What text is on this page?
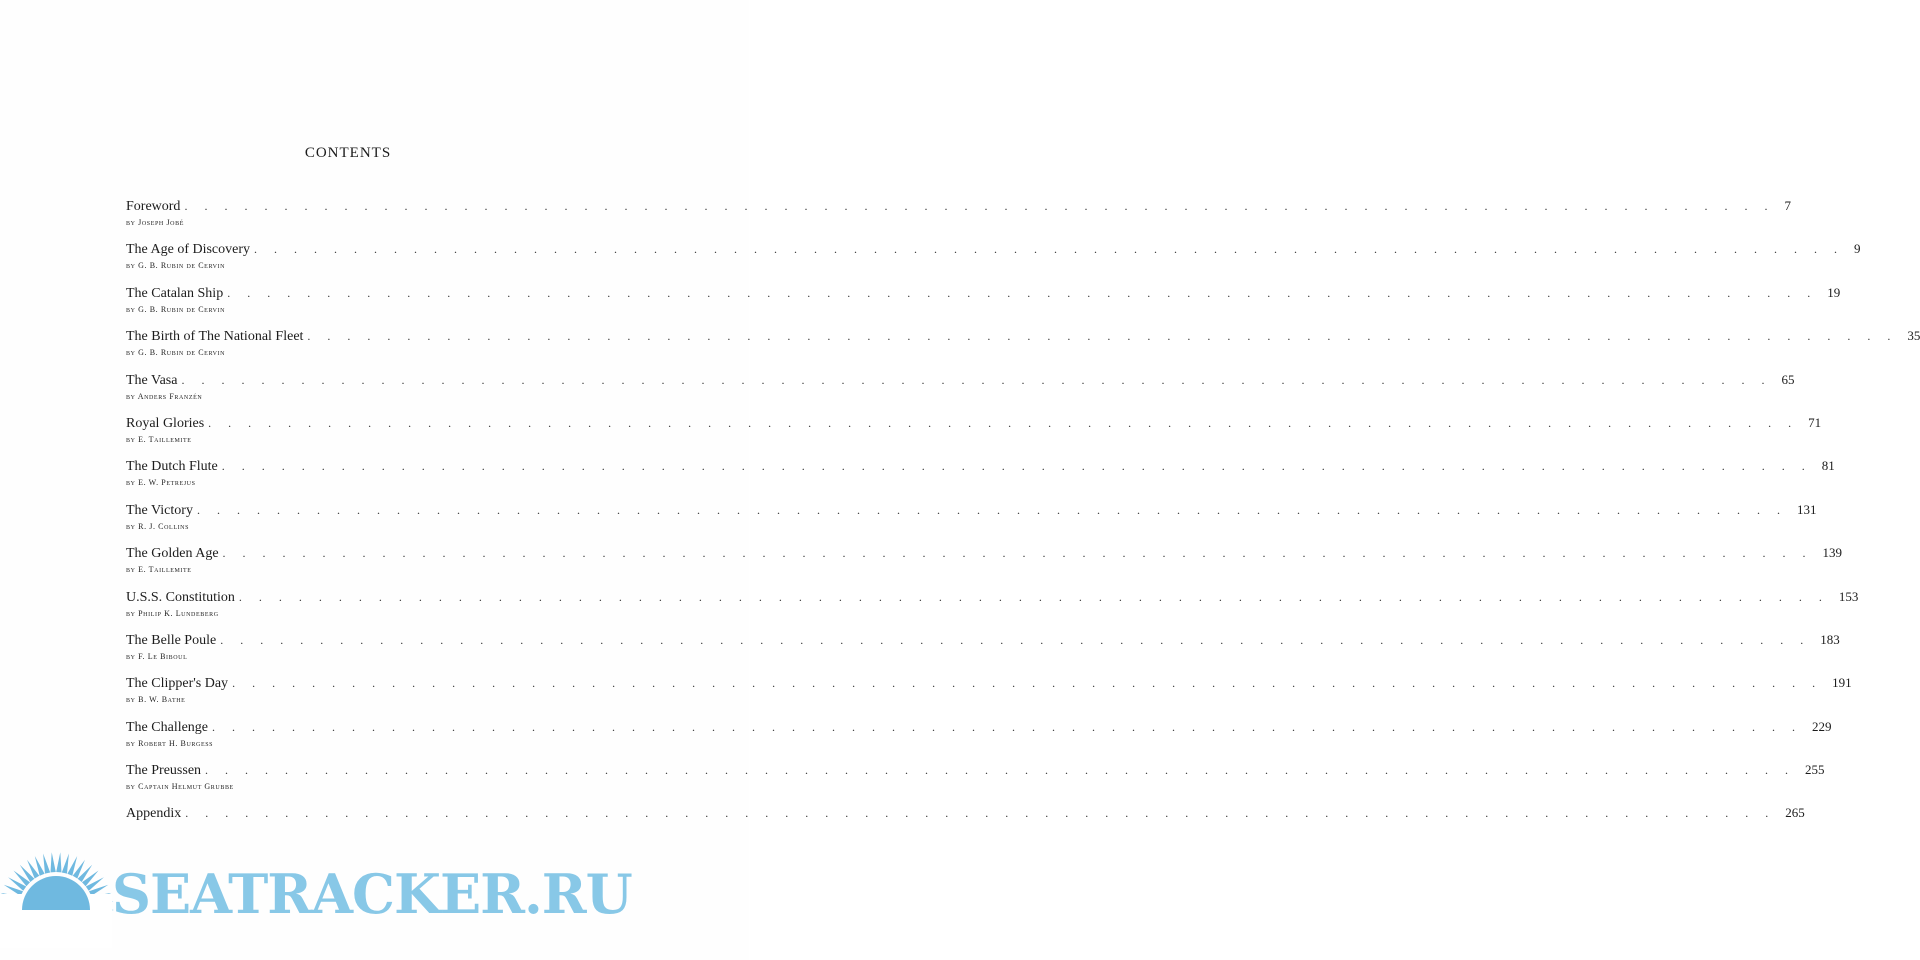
CONTENTS
Foreword . . . . . . . . . . . . . . . . . . . . . . . . . . . . . . . . . . . . . . . . . . . . . . . . . . . . . . . . . . . . . . . . . . . . . . . . . . . . . . . . 7
by Joseph Jobé
The Age of Discovery . . . . . . . . . . . . . . . . . . . . . . . . . . . . . . . . . . . . . . . . . . . . . . . . . . . . . . . . . . . . . . . . . . . . . . . . . . . . . . . . 9
by G. B. Rubin de Cervin
The Catalan Ship . . . . . . . . . . . . . . . . . . . . . . . . . . . . . . . . . . . . . . . . . . . . . . . . . . . . . . . . . . . . . . . . . . . . . . . . . . . . . . . . 19
by G. B. Rubin de Cervin
The Birth of The National Fleet . . . . . . . . . . . . . . . . . . . . . . . . . . . . . . . . . . . . . . . . . . . . . . . . . . . . . . . . . . . . . . . . . . . . . . . . . . . . . . . . 35
by G. B. Rubin de Cervin
The Vasa . . . . . . . . . . . . . . . . . . . . . . . . . . . . . . . . . . . . . . . . . . . . . . . . . . . . . . . . . . . . . . . . . . . . . . . . . . . . . . . . 65
by Anders Franzén
Royal Glories . . . . . . . . . . . . . . . . . . . . . . . . . . . . . . . . . . . . . . . . . . . . . . . . . . . . . . . . . . . . . . . . . . . . . . . . . . . . . . . . 71
by E. Taillemite
The Dutch Flute . . . . . . . . . . . . . . . . . . . . . . . . . . . . . . . . . . . . . . . . . . . . . . . . . . . . . . . . . . . . . . . . . . . . . . . . . . . . . . . . 81
by E. W. Petrejus
The Victory . . . . . . . . . . . . . . . . . . . . . . . . . . . . . . . . . . . . . . . . . . . . . . . . . . . . . . . . . . . . . . . . . . . . . . . . . . . . . . . . 131
by R. J. Collins
The Golden Age . . . . . . . . . . . . . . . . . . . . . . . . . . . . . . . . . . . . . . . . . . . . . . . . . . . . . . . . . . . . . . . . . . . . . . . . . . . . . . . . 139
by E. Taillemite
U.S.S. Constitution . . . . . . . . . . . . . . . . . . . . . . . . . . . . . . . . . . . . . . . . . . . . . . . . . . . . . . . . . . . . . . . . . . . . . . . . . . . . . . . . 153
by Philip K. Lundeberg
The Belle Poule . . . . . . . . . . . . . . . . . . . . . . . . . . . . . . . . . . . . . . . . . . . . . . . . . . . . . . . . . . . . . . . . . . . . . . . . . . . . . . . . 183
by F. Le Biboul
The Clipper's Day . . . . . . . . . . . . . . . . . . . . . . . . . . . . . . . . . . . . . . . . . . . . . . . . . . . . . . . . . . . . . . . . . . . . . . . . . . . . . . . . 191
by B. W. Bathe
The Challenge . . . . . . . . . . . . . . . . . . . . . . . . . . . . . . . . . . . . . . . . . . . . . . . . . . . . . . . . . . . . . . . . . . . . . . . . . . . . . . . . 229
by Robert H. Burgess
The Preussen . . . . . . . . . . . . . . . . . . . . . . . . . . . . . . . . . . . . . . . . . . . . . . . . . . . . . . . . . . . . . . . . . . . . . . . . . . . . . . . . 255
by Captain Helmut Grubbe
Appendix . . . . . . . . . . . . . . . . . . . . . . . . . . . . . . . . . . . . . . . . . . . . . . . . . . . . . . . . . . . . . . . . . . . . . . . . . . . . . . . . 265
SEATRACKER.RU
